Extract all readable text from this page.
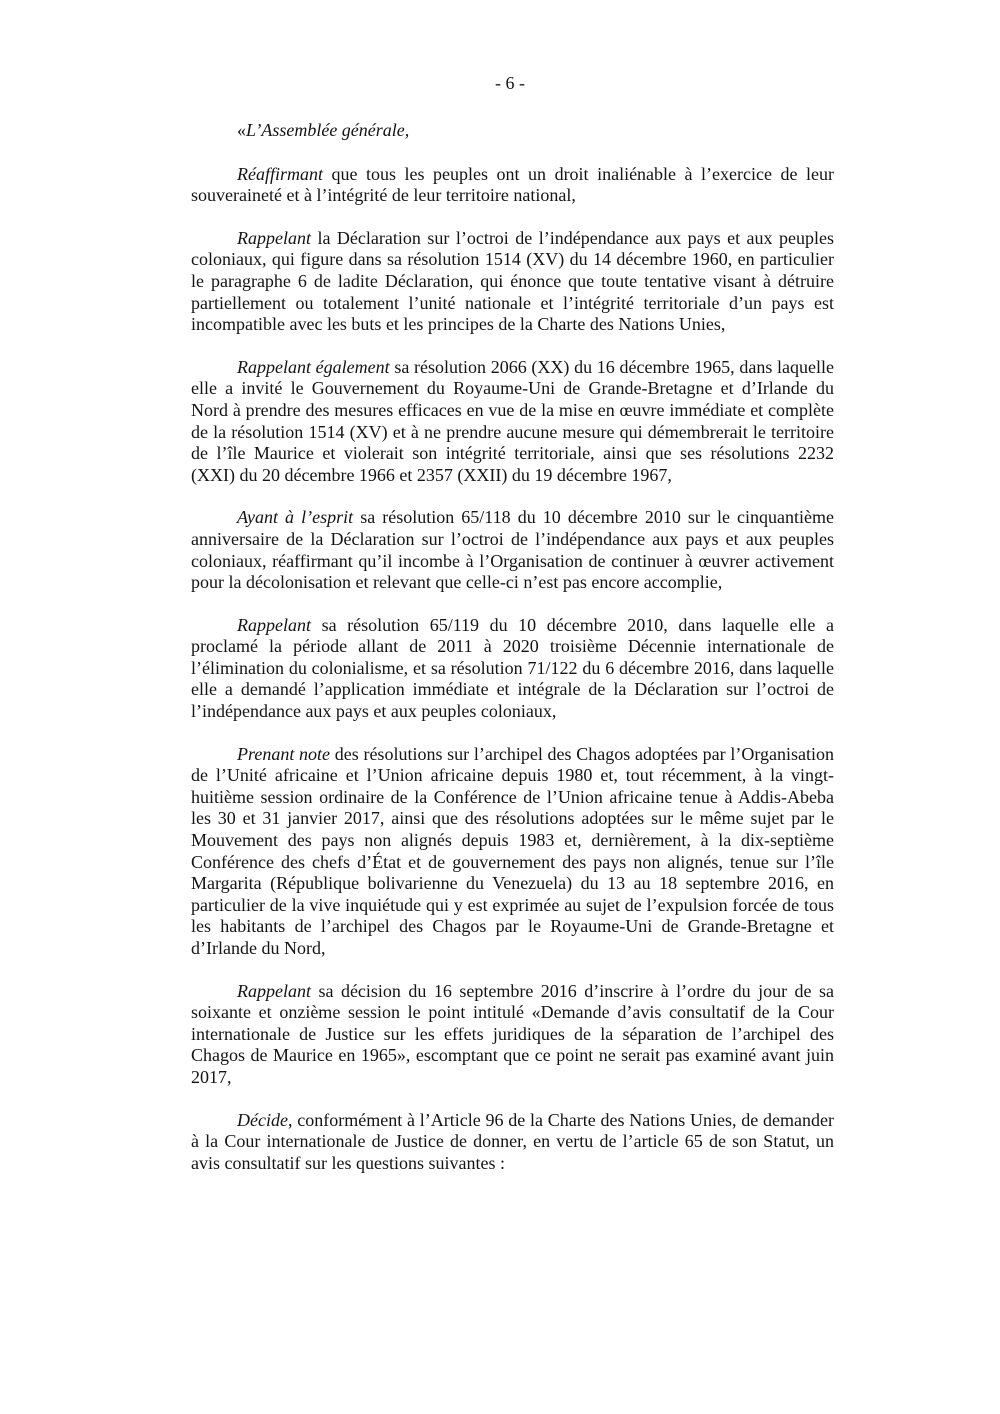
- 6 -

«L’Assemblée générale,

Réaffirmant que tous les peuples ont un droit inaliénable à l’exercice de leur souveraineté et à l’intégrité de leur territoire national,

Rappelant la Déclaration sur l’octroi de l’indépendance aux pays et aux peuples coloniaux, qui figure dans sa résolution 1514 (XV) du 14 décembre 1960, en particulier le paragraphe 6 de ladite Déclaration, qui énonce que toute tentative visant à détruire partiellement ou totalement l’unité nationale et l’intégrité territoriale d’un pays est incompatible avec les buts et les principes de la Charte des Nations Unies,

Rappelant également sa résolution 2066 (XX) du 16 décembre 1965, dans laquelle elle a invité le Gouvernement du Royaume-Uni de Grande-Bretagne et d’Irlande du Nord à prendre des mesures efficaces en vue de la mise en œuvre immédiate et complète de la résolution 1514 (XV) et à ne prendre aucune mesure qui démembrerait le territoire de l’île Maurice et violerait son intégrité territoriale, ainsi que ses résolutions 2232 (XXI) du 20 décembre 1966 et 2357 (XXII) du 19 décembre 1967,

Ayant à l’esprit sa résolution 65/118 du 10 décembre 2010 sur le cinquantième anniversaire de la Déclaration sur l’octroi de l’indépendance aux pays et aux peuples coloniaux, réaffirmant qu’il incombe à l’Organisation de continuer à œuvrer activement pour la décolonisation et relevant que celle-ci n’est pas encore accomplie,

Rappelant sa résolution 65/119 du 10 décembre 2010, dans laquelle elle a proclamé la période allant de 2011 à 2020 troisième Décennie internationale de l’élimination du colonialisme, et sa résolution 71/122 du 6 décembre 2016, dans laquelle elle a demandé l’application immédiate et intégrale de la Déclaration sur l’octroi de l’indépendance aux pays et aux peuples coloniaux,

Prenant note des résolutions sur l’archipel des Chagos adoptées par l’Organisation de l’Unité africaine et l’Union africaine depuis 1980 et, tout récemment, à la vingt-huitième session ordinaire de la Conférence de l’Union africaine tenue à Addis-Abeba les 30 et 31 janvier 2017, ainsi que des résolutions adoptées sur le même sujet par le Mouvement des pays non alignés depuis 1983 et, dernièrement, à la dix-septième Conférence des chefs d’État et de gouvernement des pays non alignés, tenue sur l’île Margarita (République bolivarienne du Venezuela) du 13 au 18 septembre 2016, en particulier de la vive inquiétude qui y est exprimée au sujet de l’expulsion forcée de tous les habitants de l’archipel des Chagos par le Royaume-Uni de Grande-Bretagne et d’Irlande du Nord,

Rappelant sa décision du 16 septembre 2016 d’inscrire à l’ordre du jour de sa soixante et onzième session le point intitulé «Demande d’avis consultatif de la Cour internationale de Justice sur les effets juridiques de la séparation de l’archipel des Chagos de Maurice en 1965», escomptant que ce point ne serait pas examiné avant juin 2017,

Décide, conformément à l’Article 96 de la Charte des Nations Unies, de demander à la Cour internationale de Justice de donner, en vertu de l’article 65 de son Statut, un avis consultatif sur les questions suivantes :
